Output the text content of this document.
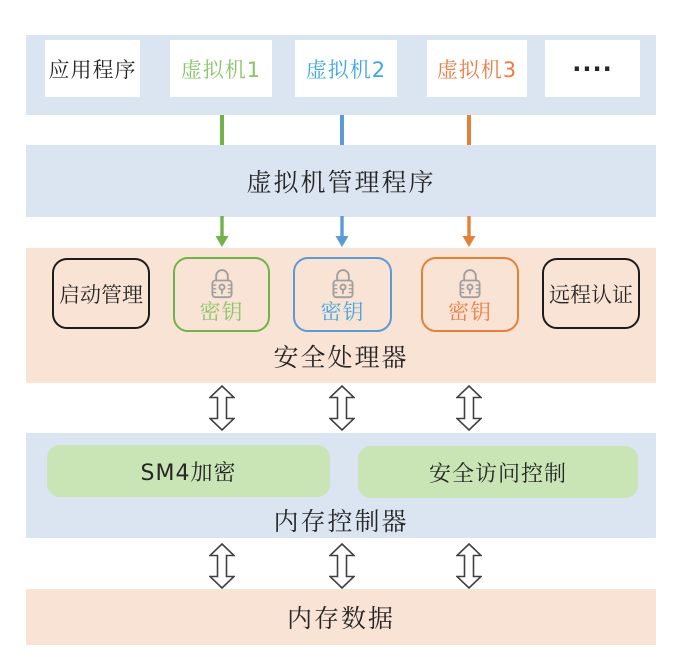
应用程序	虚拟机1	虚拟机2	虚拟机3	····
虚拟机管理程序
启动管理
密钥	密钥	密钥
远程认证
安全处理器
SM4加密	安全访问控制
内存控制器
内存数据
